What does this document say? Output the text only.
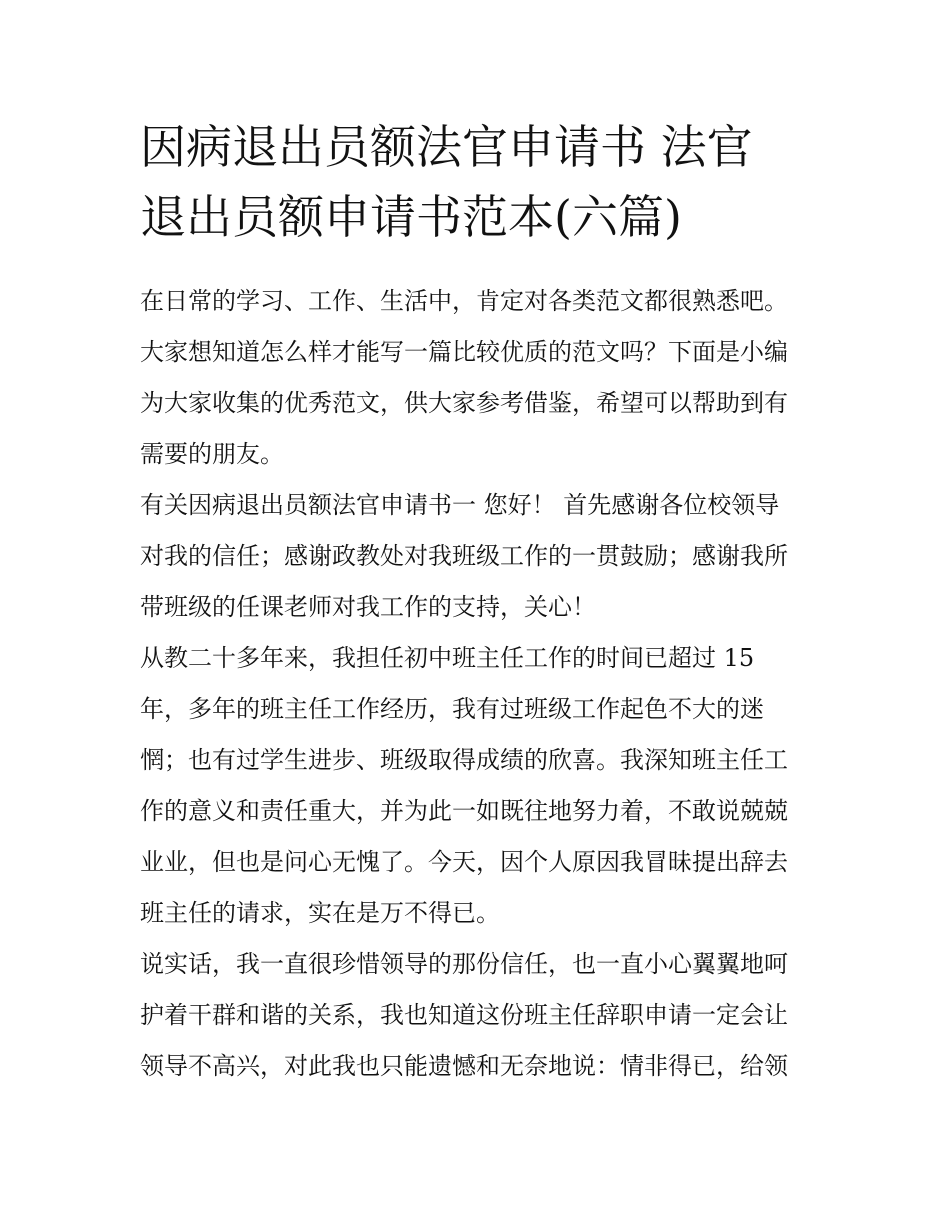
因病退出员额法官申请书 法官
退出员额申请书范本(六篇)

在日常的学习、工作、生活中，肯定对各类范文都很熟悉吧。
大家想知道怎么样才能写一篇比较优质的范文吗？下面是小编
为大家收集的优秀范文，供大家参考借鉴，希望可以帮助到有
需要的朋友。

有关因病退出员额法官申请书一 您好！ 首先感谢各位校领导
对我的信任；感谢政教处对我班级工作的一贯鼓励；感谢我所
带班级的任课老师对我工作的支持，关心！

从教二十多年来，我担任初中班主任工作的时间已超过 15
年，多年的班主任工作经历，我有过班级工作起色不大的迷
惘；也有过学生进步、班级取得成绩的欣喜。我深知班主任工
作的意义和责任重大，并为此一如既往地努力着，不敢说兢兢
业业，但也是问心无愧了。今天，因个人原因我冒昧提出辞去
班主任的请求，实在是万不得已。

说实话，我一直很珍惜领导的那份信任，也一直小心翼翼地呵
护着干群和谐的关系，我也知道这份班主任辞职申请一定会让
领导不高兴，对此我也只能遗憾和无奈地说：情非得已，给领
